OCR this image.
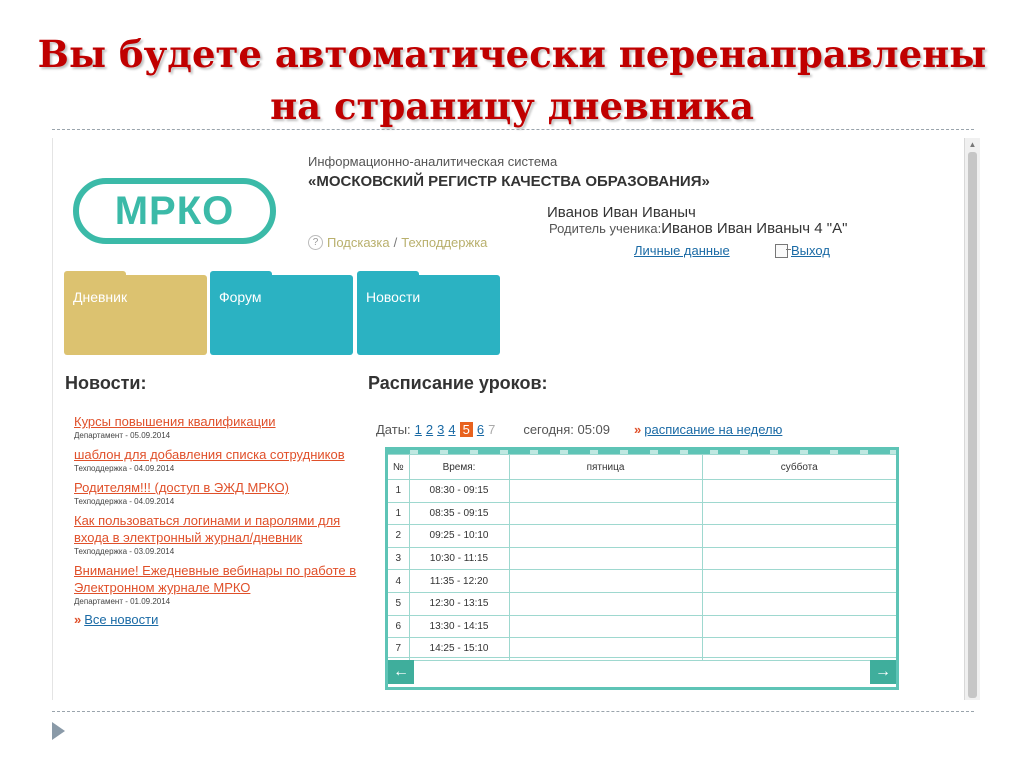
Вы будете автоматически перенаправлены
на страницу дневника
▲
МРКО
Информационно-аналитическая система
«МОСКОВСКИЙ РЕГИСТР КАЧЕСТВА ОБРАЗОВАНИЯ»
? Подсказка / Техподдержка
Иванов Иван Иваныч
Родитель ученика:Иванов Иван Иваныч 4 "А"
Личные данные	Выход
Дневник	Форум	Новости
Новости:	Расписание уроков:
Курсы повышения квалификации
Департамент - 05.09.2014
шаблон для добавления списка сотрудников
Техподдержка - 04.09.2014
Родителям!!! (доступ в ЭЖД МРКО)
Техподдержка - 04.09.2014
Как пользоваться логинами и паролями для входа в электронный журнал/дневник
Техподдержка - 03.09.2014
Внимание! Ежедневные вебинары по работе в Электронном журнале МРКО
Департамент - 01.09.2014
» Все новости
Даты: 1 2 3 4 5 6 7 сегодня: 05:09 » расписание на неделю
№	Время:	пятница	суббота
1	08:30 - 09:15		
1	08:35 - 09:15		
2	09:25 - 10:10		
3	10:30 - 11:15		
4	11:35 - 12:20		
5	12:30 - 13:15		
6	13:30 - 14:15		
7	14:25 - 15:10		
←	→
